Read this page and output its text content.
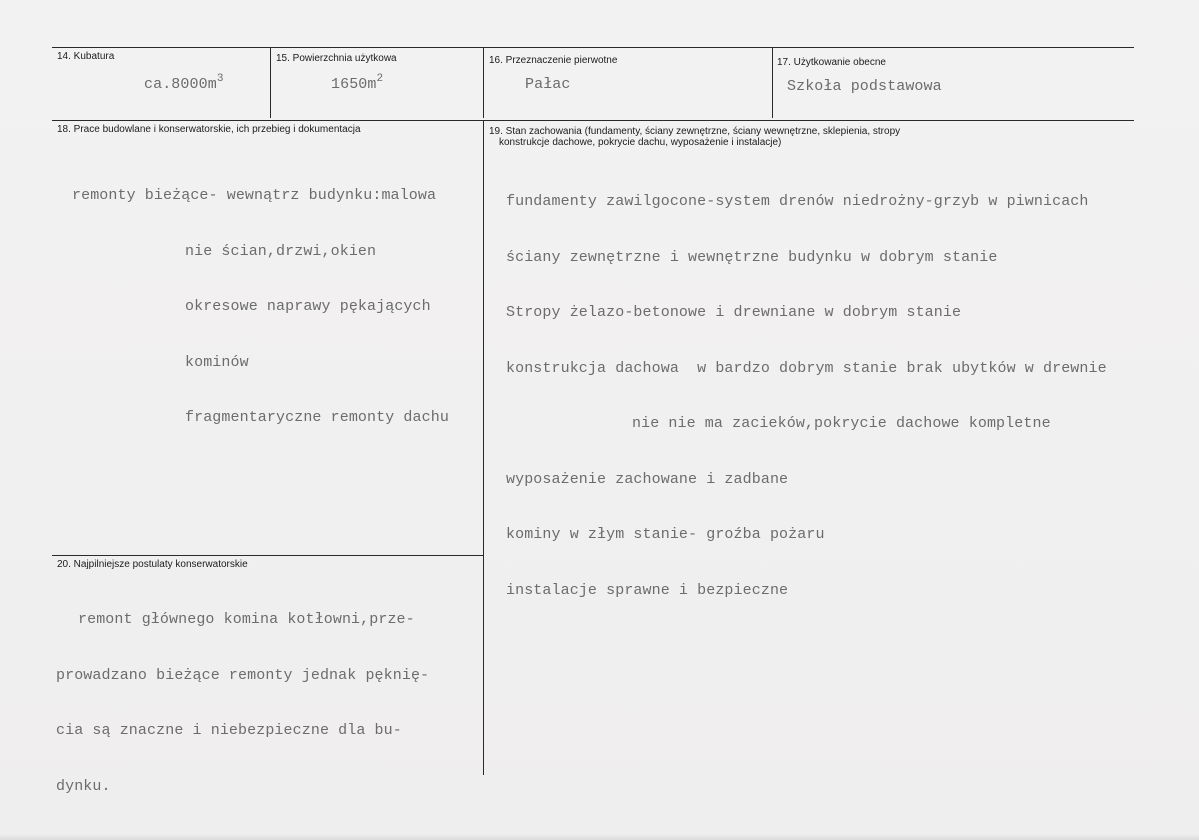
14. Kubatura
$ca.8000m^3$
15. Powierzchnia użytkowa
$1650m^2$
16. Przeznaczenie pierwotne
Pałac
17. Użytkowanie obecne
Szkoła podstawowa
18. Prace budowlane i konserwatorskie, ich przebieg i dokumentacja

remonty bieżące- wewnątrz budynku:malowa

nie ścian,drzwi,okien

okresowe naprawy pękających

kominów

fragmentaryczne remonty dachu

19. Stan zachowania (fundamenty, ściany zewnętrzne, ściany wewnętrzne, sklepienia, stropy
konstrukcje dachowe, pokrycie dachu, wyposażenie i instalacje)

fundamenty zawilgocone-system drenów niedrożny-grzyb w piwnicach

ściany zewnętrzne i wewnętrzne budynku w dobrym stanie

Stropy żelazo-betonowe i drewniane w dobrym stanie

konstrukcja dachowa  w bardzo dobrym stanie brak ubytków w drewnie

nie nie ma zacieków,pokrycie dachowe kompletne

wyposażenie zachowane i zadbane

kominy w złym stanie- groźba pożaru

instalacje sprawne i bezpieczne

20. Najpilniejsze postulaty konserwatorskie

remont głównego komina kotłowni,prze-

prowadzano bieżące remonty jednak pęknię-

cia są znaczne i niebezpieczne dla bu-

dynku.
